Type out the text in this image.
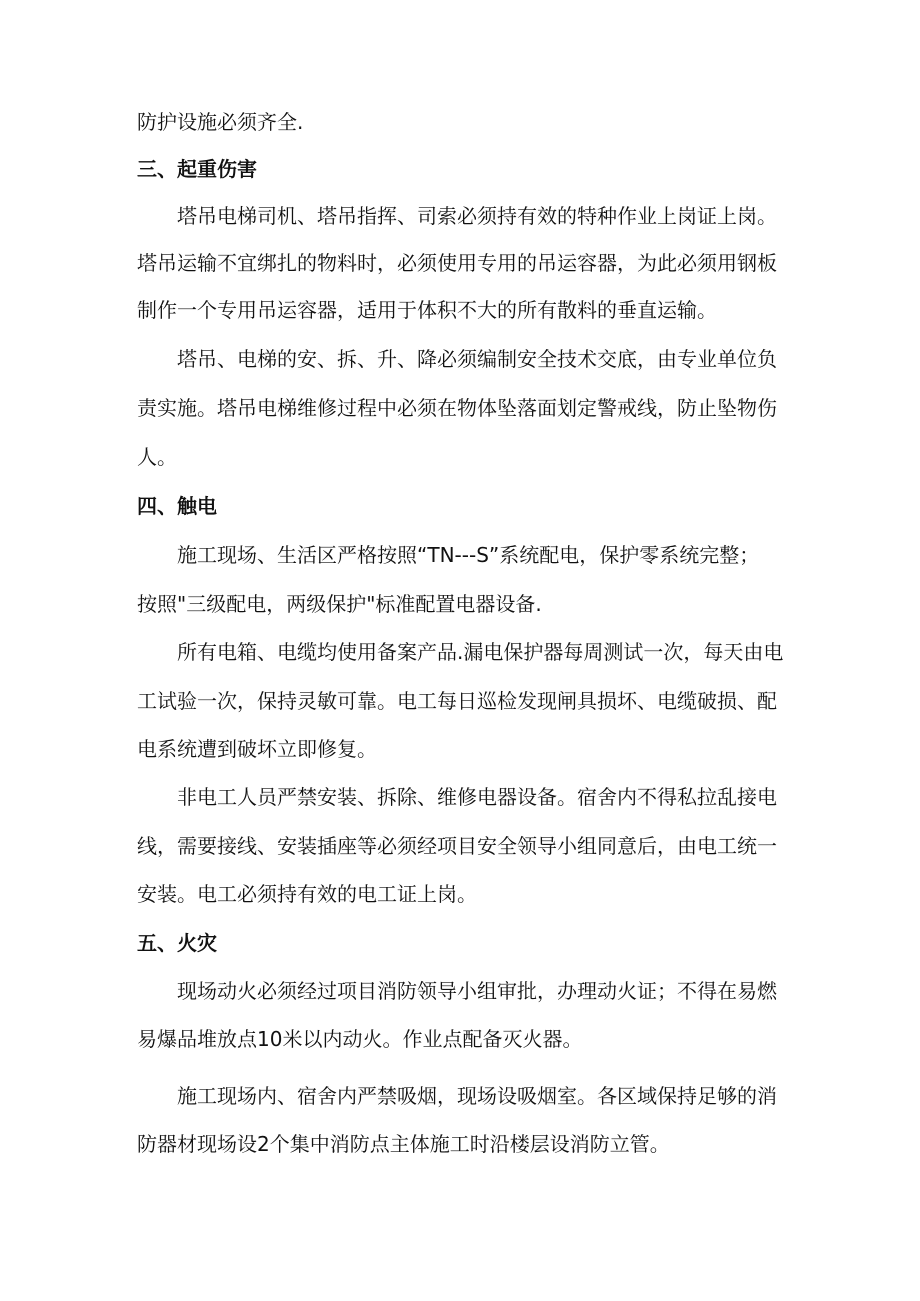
防护设施必须齐全.
三、起重伤害
塔吊电梯司机、塔吊指挥、司索必须持有效的特种作业上岗证上岗。
塔吊运输不宜绑扎的物料时，必须使用专用的吊运容器，为此必须用钢板
制作一个专用吊运容器，适用于体积不大的所有散料的垂直运输。
塔吊、电梯的安、拆、升、降必须编制安全技术交底，由专业单位负
责实施。塔吊电梯维修过程中必须在物体坠落面划定警戒线，防止坠物伤
人。
四、触电
施工现场、生活区严格按照“TN---S”系统配电，保护零系统完整；
按照"三级配电，两级保护"标准配置电器设备.
所有电箱、电缆均使用备案产品.漏电保护器每周测试一次，每天由电
工试验一次，保持灵敏可靠。电工每日巡检发现闸具损坏、电缆破损、配
电系统遭到破坏立即修复。
非电工人员严禁安装、拆除、维修电器设备。宿舍内不得私拉乱接电
线，需要接线、安装插座等必须经项目安全领导小组同意后，由电工统一
安装。电工必须持有效的电工证上岗。
五、火灾
现场动火必须经过项目消防领导小组审批，办理动火证；不得在易燃
易爆品堆放点10米以内动火。作业点配备灭火器。
施工现场内、宿舍内严禁吸烟，现场设吸烟室。各区域保持足够的消
防器材现场设2个集中消防点主体施工时沿楼层设消防立管。
